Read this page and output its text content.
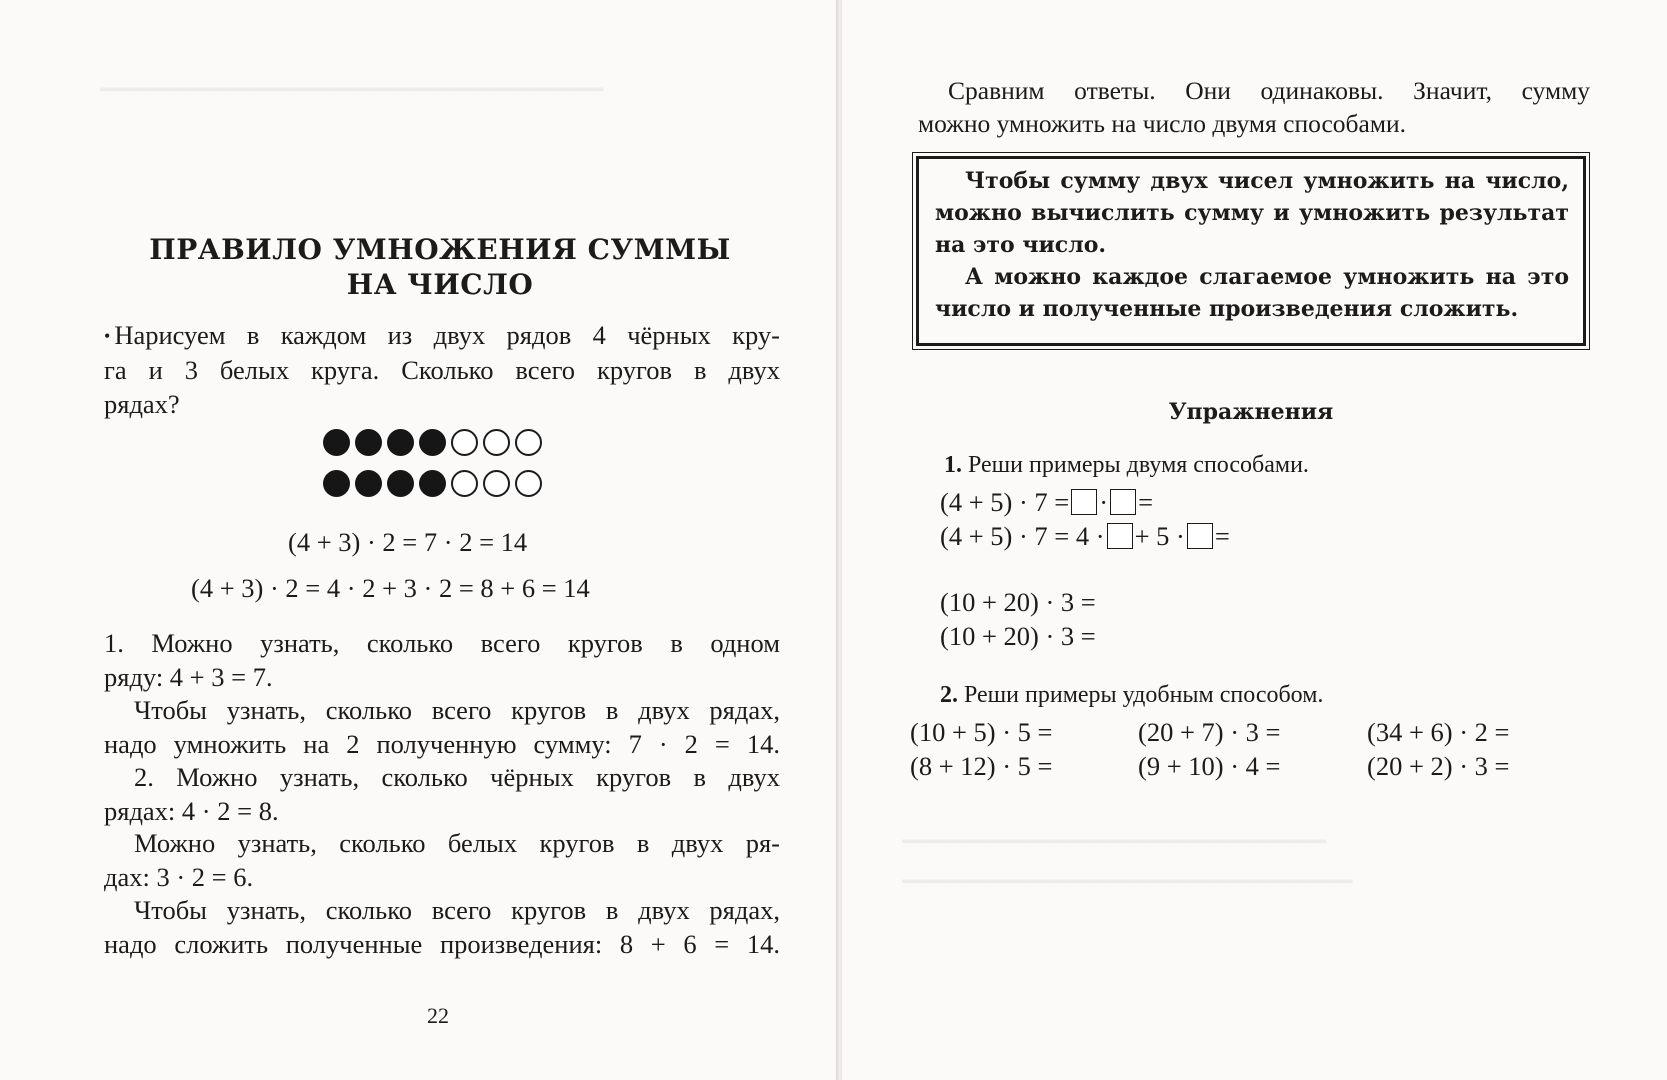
━━━━━━━━━━━━━━━━━━━━━━━━━━━━━━━━━━━━━━
ПРАВИЛО УМНОЖЕНИЯ СУММЫ
НА ЧИСЛО
• Нарисуем в каждом из двух рядов 4 чёрных кру-
га и 3 белых круга. Сколько всего кругов в двух
рядах?
(4 + 3) · 2 = 7 · 2 = 14
(4 + 3) · 2 = 4 · 2 + 3 · 2 = 8 + 6 = 14
1. Можно узнать, сколько всего кругов в одном
ряду: 4 + 3 = 7.
Чтобы узнать, сколько всего кругов в двух рядах,
надо умножить на 2 полученную сумму: 7 · 2 = 14.
2. Можно узнать, сколько чёрных кругов в двух
рядах: 4 · 2 = 8.
Можно узнать, сколько белых кругов в двух ря-
дах: 3 · 2 = 6.
Чтобы узнать, сколько всего кругов в двух рядах,
надо сложить полученные произведения: 8 + 6 = 14.
22
━━━━━━━━━━━━━━━━━━━━━━━━━━━━━━━━
━━━━━━━━━━━━━━━━━━━━━━━━━━━━━━━━━━
Сравним ответы. Они одинаковы. Значит, сумму
можно умножить на число двумя способами.
Чтобы сумму двух чисел умножить на число,
можно вычислить сумму и умножить результат
на это число.
А можно каждое слагаемое умножить на это
число и полученные произведения сложить.
Упражнения
1. Реши примеры двумя способами.
(4 + 5) · 7 = · =
(4 + 5) · 7 = 4 · + 5 · =
(10 + 20) · 3 =
(10 + 20) · 3 =
2. Реши примеры удобным способом.
(10 + 5) · 5 =	(20 + 7) · 3 =	(34 + 6) · 2 =
(8 + 12) · 5 =	(9 + 10) · 4 =	(20 + 2) · 3 =
